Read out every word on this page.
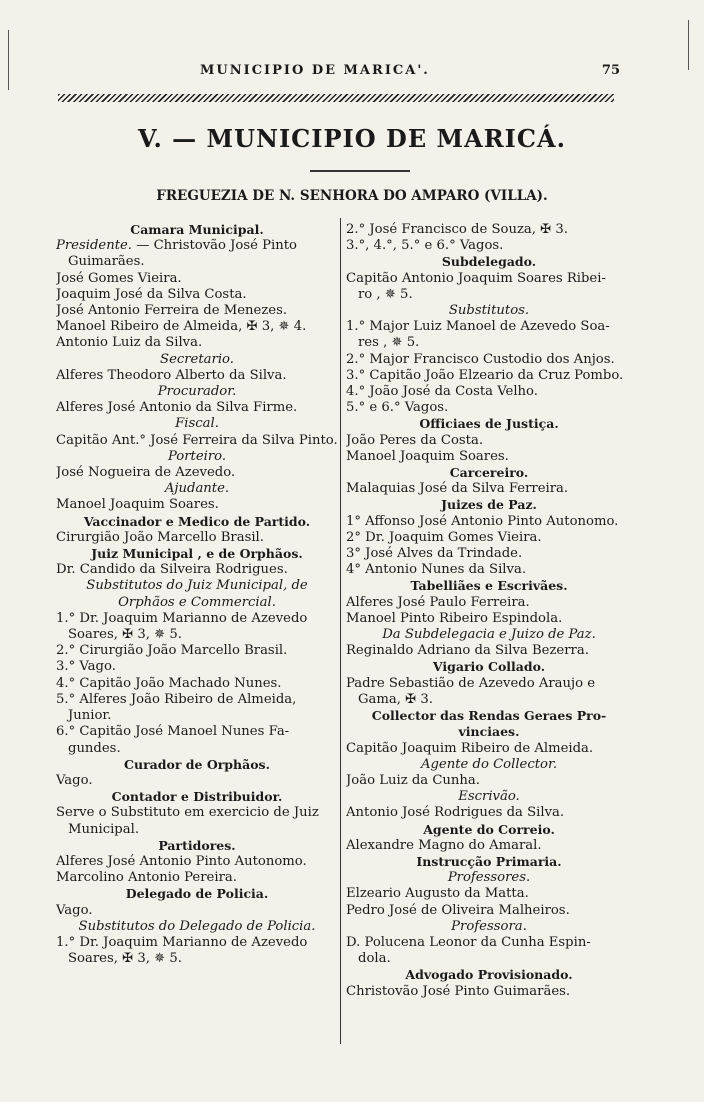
MUNICIPIO DE MARICA'.	75
V. — MUNICIPIO DE MARICÁ.
FREGUEZIA DE N. SENHORA DO AMPARO (VILLA).
Camara Municipal.
Presidente. — Christovão José Pinto
Guimarães.
José Gomes Vieira.
Joaquim José da Silva Costa.
José Antonio Ferreira de Menezes.
Manoel Ribeiro de Almeida, ✠ 3, ✵ 4.
Antonio Luiz da Silva.
Secretario.
Alferes Theodoro Alberto da Silva.
Procurador.
Alferes José Antonio da Silva Firme.
Fiscal.
Capitão Ant.° José Ferreira da Silva Pinto.
Porteiro.
José Nogueira de Azevedo.
Ajudante.
Manoel Joaquim Soares.
Vaccinador e Medico de Partido.
Cirurgião João Marcello Brasil.
Juiz Municipal , e de Orphãos.
Dr. Candido da Silveira Rodrigues.
Substitutos do Juiz Municipal, de
Orphãos e Commercial.
1.° Dr. Joaquim Marianno de Azevedo
Soares, ✠ 3, ✵ 5.
2.° Cirurgião João Marcello Brasil.
3.° Vago.
4.° Capitão João Machado Nunes.
5.° Alferes João Ribeiro de Almeida,
Junior.
6.° Capitão José Manoel Nunes Fa-
gundes.
Curador de Orphãos.
Vago.
Contador e Distribuidor.
Serve o Substituto em exercicio de Juiz
Municipal.
Partidores.
Alferes José Antonio Pinto Autonomo.
Marcolino Antonio Pereira.
Delegado de Policia.
Vago.
Substitutos do Delegado de Policia.
1.° Dr. Joaquim Marianno de Azevedo
Soares, ✠ 3, ✵ 5.
2.° José Francisco de Souza, ✠ 3.
3.°, 4.°, 5.° e 6.° Vagos.
Subdelegado.
Capitão Antonio Joaquim Soares Ribei-
ro , ✵ 5.
Substitutos.
1.° Major Luiz Manoel de Azevedo Soa-
res , ✵ 5.
2.° Major Francisco Custodio dos Anjos.
3.° Capitão João Elzeario da Cruz Pombo.
4.° João José da Costa Velho.
5.° e 6.° Vagos.
Officiaes de Justiça.
João Peres da Costa.
Manoel Joaquim Soares.
Carcereiro.
Malaquias José da Silva Ferreira.
Juizes de Paz.
1° Affonso José Antonio Pinto Autonomo.
2° Dr. Joaquim Gomes Vieira.
3° José Alves da Trindade.
4° Antonio Nunes da Silva.
Tabelliães e Escrivães.
Alferes José Paulo Ferreira.
Manoel Pinto Ribeiro Espindola.
Da Subdelegacia e Juizo de Paz.
Reginaldo Adriano da Silva Bezerra.
Vigario Collado.
Padre Sebastião de Azevedo Araujo e
Gama, ✠ 3.
Collector das Rendas Geraes Pro-
vinciaes.
Capitão Joaquim Ribeiro de Almeida.
Agente do Collector.
João Luiz da Cunha.
Escrivão.
Antonio José Rodrigues da Silva.
Agente do Correio.
Alexandre Magno do Amaral.
Instrucção Primaria.
Professores.
Elzeario Augusto da Matta.
Pedro José de Oliveira Malheiros.
Professora.
D. Polucena Leonor da Cunha Espin-
dola.
Advogado Provisionado.
Christovão José Pinto Guimarães.
